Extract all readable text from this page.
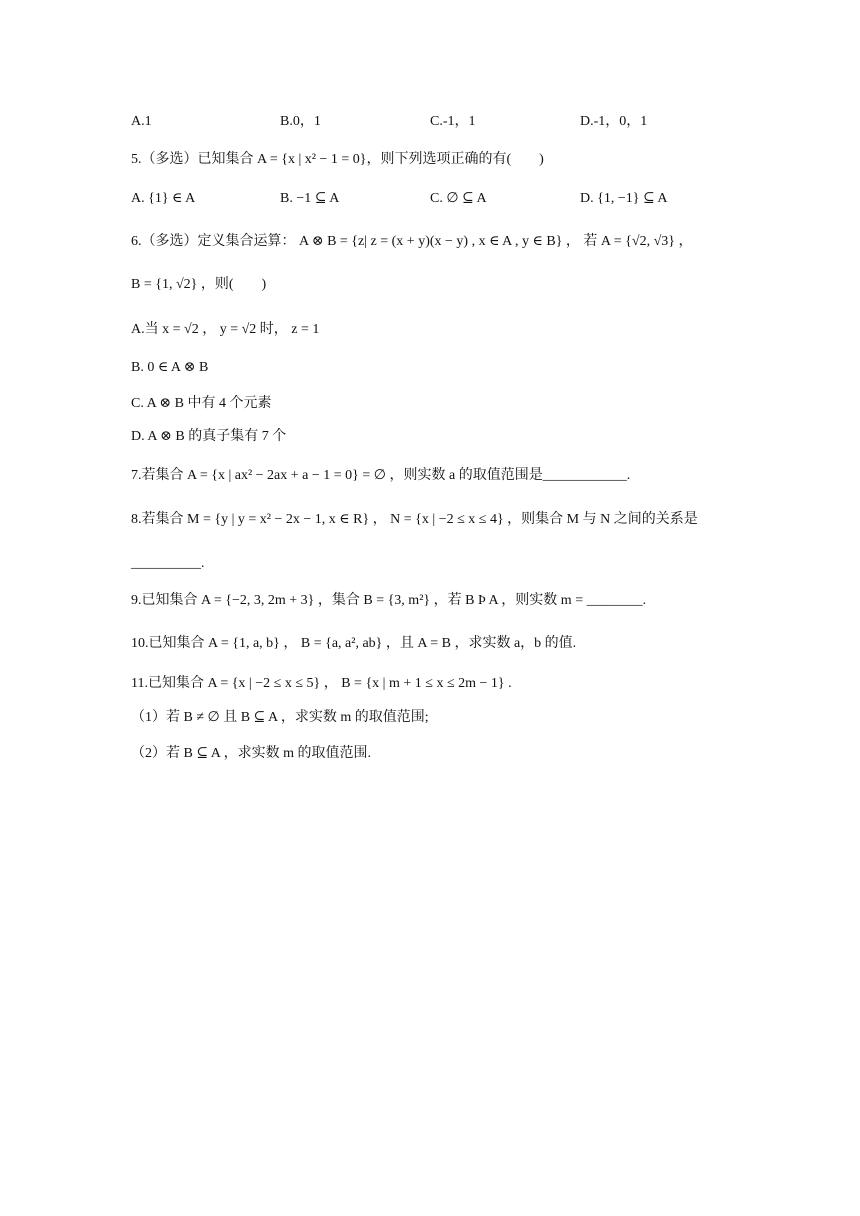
A.1	B.0，1	C.-1，1	D.-1，0，1
5.（多选）已知集合 A = {x | x² − 1 = 0}，则下列选项正确的有(　　)
A. {1} ∈ A	B. −1 ⊆ A	C. ∅ ⊆ A	D. {1, −1} ⊆ A
6.（多选）定义集合运算： A ⊗ B = {z| z = (x + y)(x − y) , x ∈ A , y ∈ B} ， 若 A = {√2, √3} ，
B = {1, √2} ，则(　　)
A.当 x = √2 ， y = √2 时， z = 1
B. 0 ∈ A ⊗ B
C. A ⊗ B 中有 4 个元素
D. A ⊗ B 的真子集有 7 个
7.若集合 A = {x | ax² − 2ax + a − 1 = 0} = ∅ ，则实数 a 的取值范围是____________.
8.若集合 M = {y | y = x² − 2x − 1, x ∈ R} ， N = {x | −2 ≤ x ≤ 4} ，则集合 M 与 N 之间的关系是
__________.
9.已知集合 A = {−2, 3, 2m + 3} ，集合 B = {3, m²} ，若 B Þ A ，则实数 m = ________.
10.已知集合 A = {1, a, b} ， B = {a, a², ab} ，且 A = B ，求实数 a，b 的值.
11.已知集合 A = {x | −2 ≤ x ≤ 5} ， B = {x | m + 1 ≤ x ≤ 2m − 1} .
（1）若 B ≠ ∅ 且 B ⊆ A ，求实数 m 的取值范围;
（2）若 B ⊆ A ，求实数 m 的取值范围.
